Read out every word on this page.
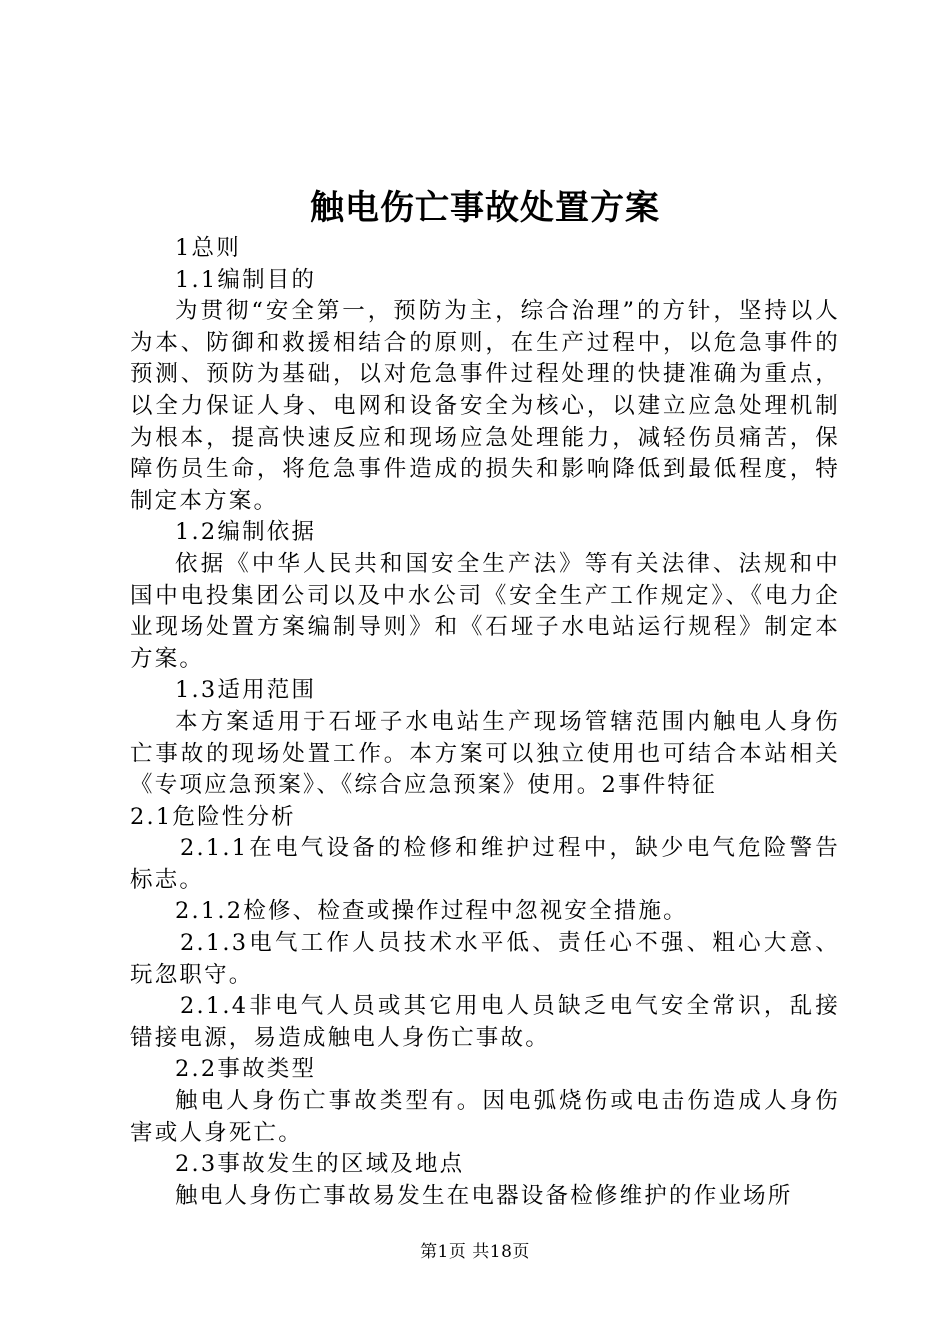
触电伤亡事故处置方案

1总则

1.1编制目的

为贯彻“安全第一，预防为主，综合治理”的方针，坚持以人为本、防御和救援相结合的原则，在生产过程中，以危急事件的预测、预防为基础，以对危急事件过程处理的快捷准确为重点，以全力保证人身、电网和设备安全为核心，以建立应急处理机制为根本，提高快速反应和现场应急处理能力，减轻伤员痛苦，保障伤员生命，将危急事件造成的损失和影响降低到最低程度，特制定本方案。

1.2编制依据

依据《中华人民共和国安全生产法》等有关法律、法规和中国中电投集团公司以及中水公司《安全生产工作规定》、《电力企业现场处置方案编制导则》和《石垭子水电站运行规程》制定本方案。

1.3适用范围

本方案适用于石垭子水电站生产现场管辖范围内触电人身伤亡事故的现场处置工作。本方案可以独立使用也可结合本站相关《专项应急预案》、《综合应急预案》使用。2事件特征

2.1危险性分析

2.1.1在电气设备的检修和维护过程中，缺少电气危险警告标志。

2.1.2检修、检查或操作过程中忽视安全措施。

2.1.3电气工作人员技术水平低、责任心不强、粗心大意、玩忽职守。

2.1.4非电气人员或其它用电人员缺乏电气安全常识，乱接错接电源，易造成触电人身伤亡事故。

2.2事故类型

触电人身伤亡事故类型有。因电弧烧伤或电击伤造成人身伤害或人身死亡。

2.3事故发生的区域及地点

触电人身伤亡事故易发生在电器设备检修维护的作业场所

第1页 共18页
